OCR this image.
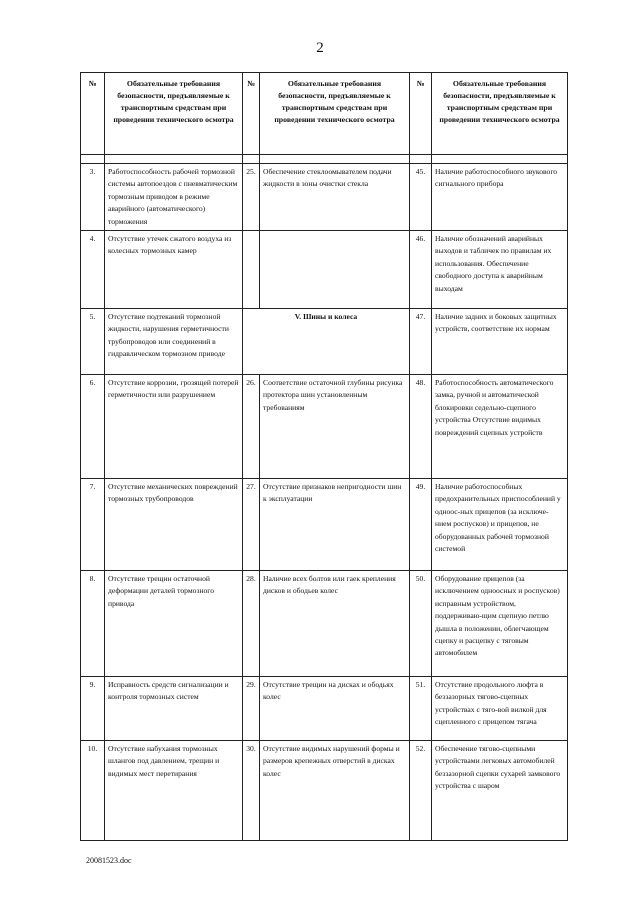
2
№	Обязательные требования безопасности, предъявляемые к транспортным средствам при проведении технического осмотра	№	Обязательные требования безопасности, предъявляемые к транспортным средствам при проведении технического осмотра	№	Обязательные требования безопасности, предъявляемые к транспортным средствам при проведении технического осмотра

3.	Работоспособность рабочей тормозной системы автопоездов с пневматическим тормозным приводом в режиме аварийного (автоматического) торможения	25.	Обеспечение стеклоомывателем подачи жидкости в зоны очистки стекла	45.	Наличие работоспособного звукового сигнального прибора
4.	Отсутствие утечек сжатого воздуха из колесных тормозных камер			46.	Наличие обозначений аварийных выходов и табличек по правилам их использования. Обеспечение свободного доступа к аварийным выходам
5.	Отсутствие подтеканий тормозной жидкости, нарушения герметичности трубопроводов или соединений в гидравлическом тормозном приводе	V. Шины и колеса		47.	Наличие задних и боковых защитных устройств, соответствие их нормам
6.	Отсутствие коррозии, грозящей потерей герметичности или разрушением	26.	Соответствие остаточной глубины рисунка протектора шин установленным требованиям	48.	Работоспособность автоматического замка, ручной и автоматической блокировки седельно-сцепного устройства Отсутствие видимых повреждений сцепных устройств
7.	Отсутствие механических повреждений тормозных трубопроводов	27.	Отсутствие признаков непригодности шин к эксплуатации	49.	Наличие работоспособных предохранительных приспособлений у одноос-ных прицепов (за исключе-нием роспусков) и прицепов, не оборудованных рабочей тормозной системой
8.	Отсутствие трещин остаточной деформации деталей тормозного привода	28.	Наличие всех болтов или гаек крепления дисков и ободьев колес	50.	Оборудование прицепов (за исключением одноосных и роспусков) исправным устройством, поддерживаю-щим сцепную петлю дышла в положении, облегчающем сцепку и расцепку с тяговым автомобилем
9.	Исправность средств сигнализации и контроля тормозных систем	29.	Отсутствие трещин на дисках и ободьях колес	51.	Отсутствие продольного люфта в беззазорных тягово-сцепных устройствах с тяго-вой вилкой для сцепленного с прицепом тягача
10.	Отсутствие набухания тормозных шлангов под давлением, трещин и видимых мест перетирания	30.	Отсутствие видимых нарушений формы и размеров крепежных отверстий в дисках колес	52.	Обеспечение тягово-сцепными устройствами легковых автомобилей беззазорной сцепки сухарей замкового устройства с шаром
20081523.doc
